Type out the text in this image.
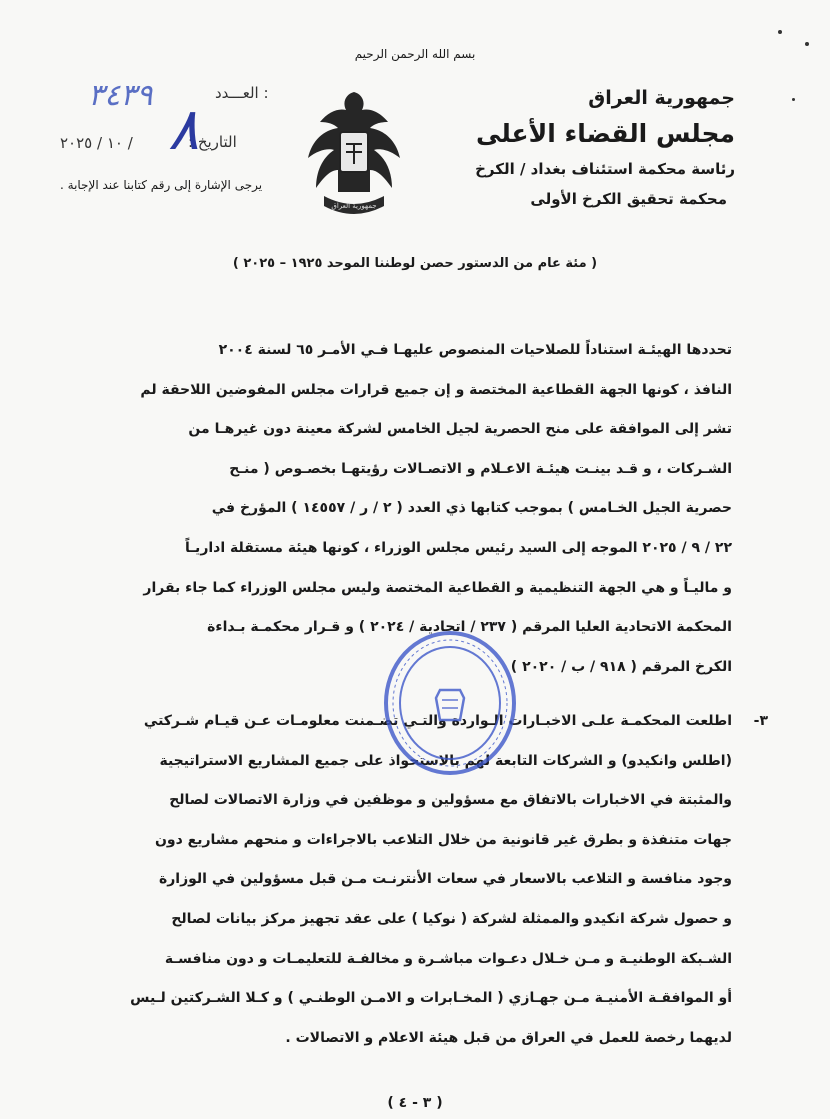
بسم الله الرحمن الرحيم
جمهورية العراق
مجلس القضاء الأعلى
رئاسة محكمة استئناف بغداد / الكرخ
محكمة تحقيق الكرخ الأولى
جمهورية العراق
العـــدد :
٣٤٣٩
التاريخ :
٨
/ ١٠ / ٢٠٢٥
يرجى الإشارة إلى رقم كتابنا عند الإجابة .
( مئة عام من الدستور حصن لوطننا الموحد ١٩٢٥ – ٢٠٢٥ )

تحددها الهيئـة استناداً للصلاحيات المنصوص عليهـا فـي الأمـر ٦٥ لسنة ٢٠٠٤

النافذ ، كونها الجهة القطاعية المختصة و إن جميع قرارات مجلس المفوضين اللاحقة لم

تشر إلى الموافقة على منح الحصرية لجيل الخامس لشركة معينة دون غيرهـا من

الشـركات ، و قـد بينـت هيئـة الاعـلام و الاتصـالات رؤيتهـا بخصـوص ( منـح

حصرية الجيل الخـامس ) بموجب كتابها ذي العدد ( ٢ / ر / ١٤٥٥٧ ) المؤرخ في

٢٢ / ٩ / ٢٠٢٥ الموجه إلى السيد رئيس مجلس الوزراء ، كونها هيئة مستقلة اداريـاً

و ماليـاً و هي الجهة التنظيمية و القطاعية المختصة وليس مجلس الوزراء كما جاء بقرار

المحكمة الاتحادية العليا المرقم ( ٢٣٧ / اتحادية / ٢٠٢٤ ) و قـرار محكمـة بـداءة

الكرخ المرقم ( ٩١٨ / ب / ٢٠٢٠ )

٣-

اطلعت المحكمـة علـى الاخبـارات الـواردة والتـي تضـمنت معلومـات عـن قيـام شـركتي

(اطلس وانكيدو) و الشركات التابعة لهم بالاستحواذ على جميع المشاريع الاستراتيجية

والمثبتة في الاخبارات بالاتفاق مع مسؤولين و موظفين في وزارة الاتصالات لصالح

جهات متنفذة و بطرق غير قانونية من خلال التلاعب بالاجراءات و منحهم مشاريع دون

وجود منافسة و التلاعب بالاسعار في سعات الأنترنـت مـن قبل مسؤولين في الوزارة

و حصول شركة انكيدو والممثلة لشركة ( نوكيا ) على عقد تجهيز مركز بيانات لصالح

الشـبكة الوطنيـة و مـن خـلال دعـوات مباشـرة و مخالفـة للتعليمـات و دون منافسـة

أو الموافقـة الأمنيـة مـن جهـازي ( المخـابرات و الامـن الوطنـي ) و كـلا الشـركتين لـيس

لديهما رخصة للعمل في العراق من قبل هيئة الاعلام و الاتصالات .

( ٣ - ٤ )
